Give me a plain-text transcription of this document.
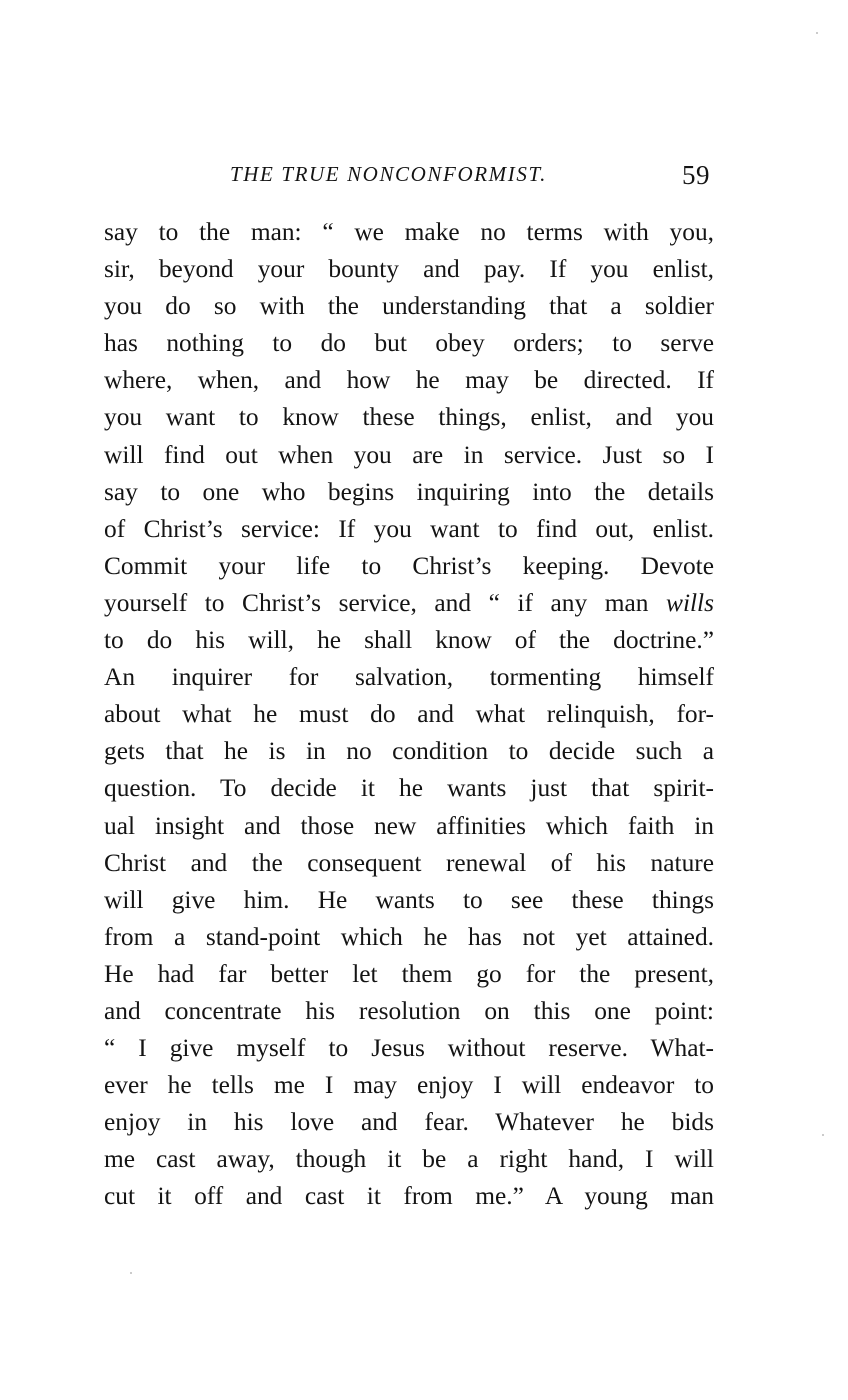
THE TRUE NONCONFORMIST.	59
say to the man: “ we make no terms with you,
sir, beyond your bounty and pay. If you enlist,
you do so with the understanding that a soldier
has nothing to do but obey orders; to serve
where, when, and how he may be directed. If
you want to know these things, enlist, and you
will find out when you are in service. Just so I
say to one who begins inquiring into the details
of Christ’s service: If you want to find out, enlist.
Commit your life to Christ’s keeping. Devote
yourself to Christ’s service, and “ if any man wills
to do his will, he shall know of the doctrine.”
An inquirer for salvation, tormenting himself
about what he must do and what relinquish, for-
gets that he is in no condition to decide such a
question. To decide it he wants just that spirit-
ual insight and those new affinities which faith in
Christ and the consequent renewal of his nature
will give him. He wants to see these things
from a stand-point which he has not yet attained.
He had far better let them go for the present,
and concentrate his resolution on this one point:
“ I give myself to Jesus without reserve. What-
ever he tells me I may enjoy I will endeavor to
enjoy in his love and fear. Whatever he bids
me cast away, though it be a right hand, I will
cut it off and cast it from me.” A young man
